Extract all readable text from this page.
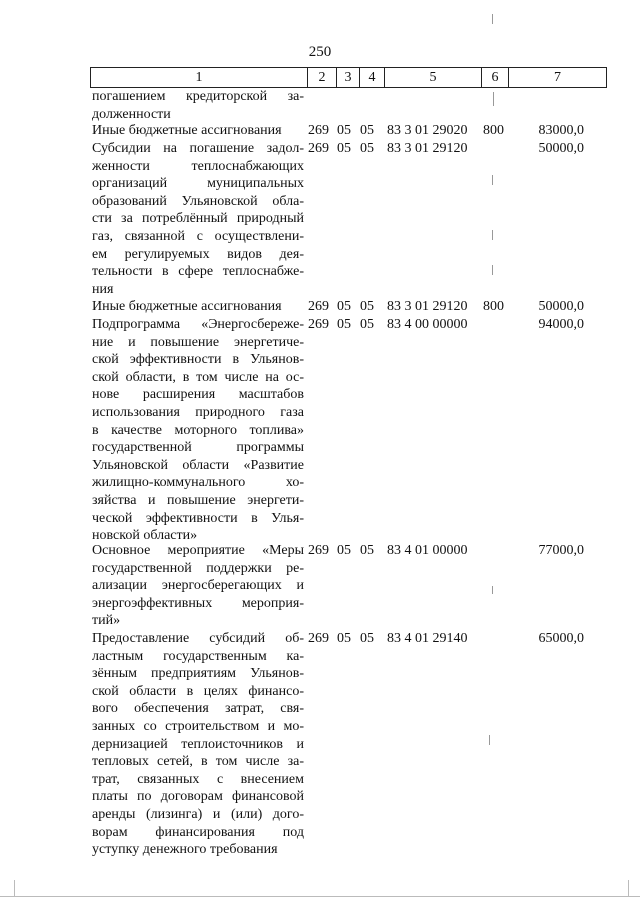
250
1	2	3	4	5	6	7
погашением кредиторской за-
долженности
Иные бюджетные ассигнования	269 05 05 83 3 01 29020 800	83000,0
Субсидии на погашение задол-
женности теплоснабжающих
организаций муниципальных
образований Ульяновской обла-
сти за потреблённый природный
газ, связанной с осуществлени-
ем регулируемых видов дея-
тельности в сфере теплоснабже-
ния
269 05 05 83 3 01 29120	50000,0
Иные бюджетные ассигнования	269 05 05 83 3 01 29120 800	50000,0
Подпрограмма «Энергосбереже-
ние и повышение энергетиче-
ской эффективности в Ульянов-
ской области, в том числе на ос-
нове расширения масштабов
использования природного газа
в качестве моторного топлива»
государственной программы
Ульяновской области «Развитие
жилищно-коммунального хо-
зяйства и повышение энергети-
ческой эффективности в Улья-
новской области»
269 05 05 83 4 00 00000	94000,0
Основное мероприятие «Меры
государственной поддержки ре-
ализации энергосберегающих и
энергоэффективных мероприя-
тий»
269 05 05 83 4 01 00000	77000,0
Предоставление субсидий об-
ластным государственным ка-
зённым предприятиям Ульянов-
ской области в целях финансо-
вого обеспечения затрат, свя-
занных со строительством и мо-
дернизацией теплоисточников и
тепловых сетей, в том числе за-
трат, связанных с внесением
платы по договорам финансовой
аренды (лизинга) и (или) дого-
ворам финансирования под
уступку денежного требования
269 05 05 83 4 01 29140	65000,0
